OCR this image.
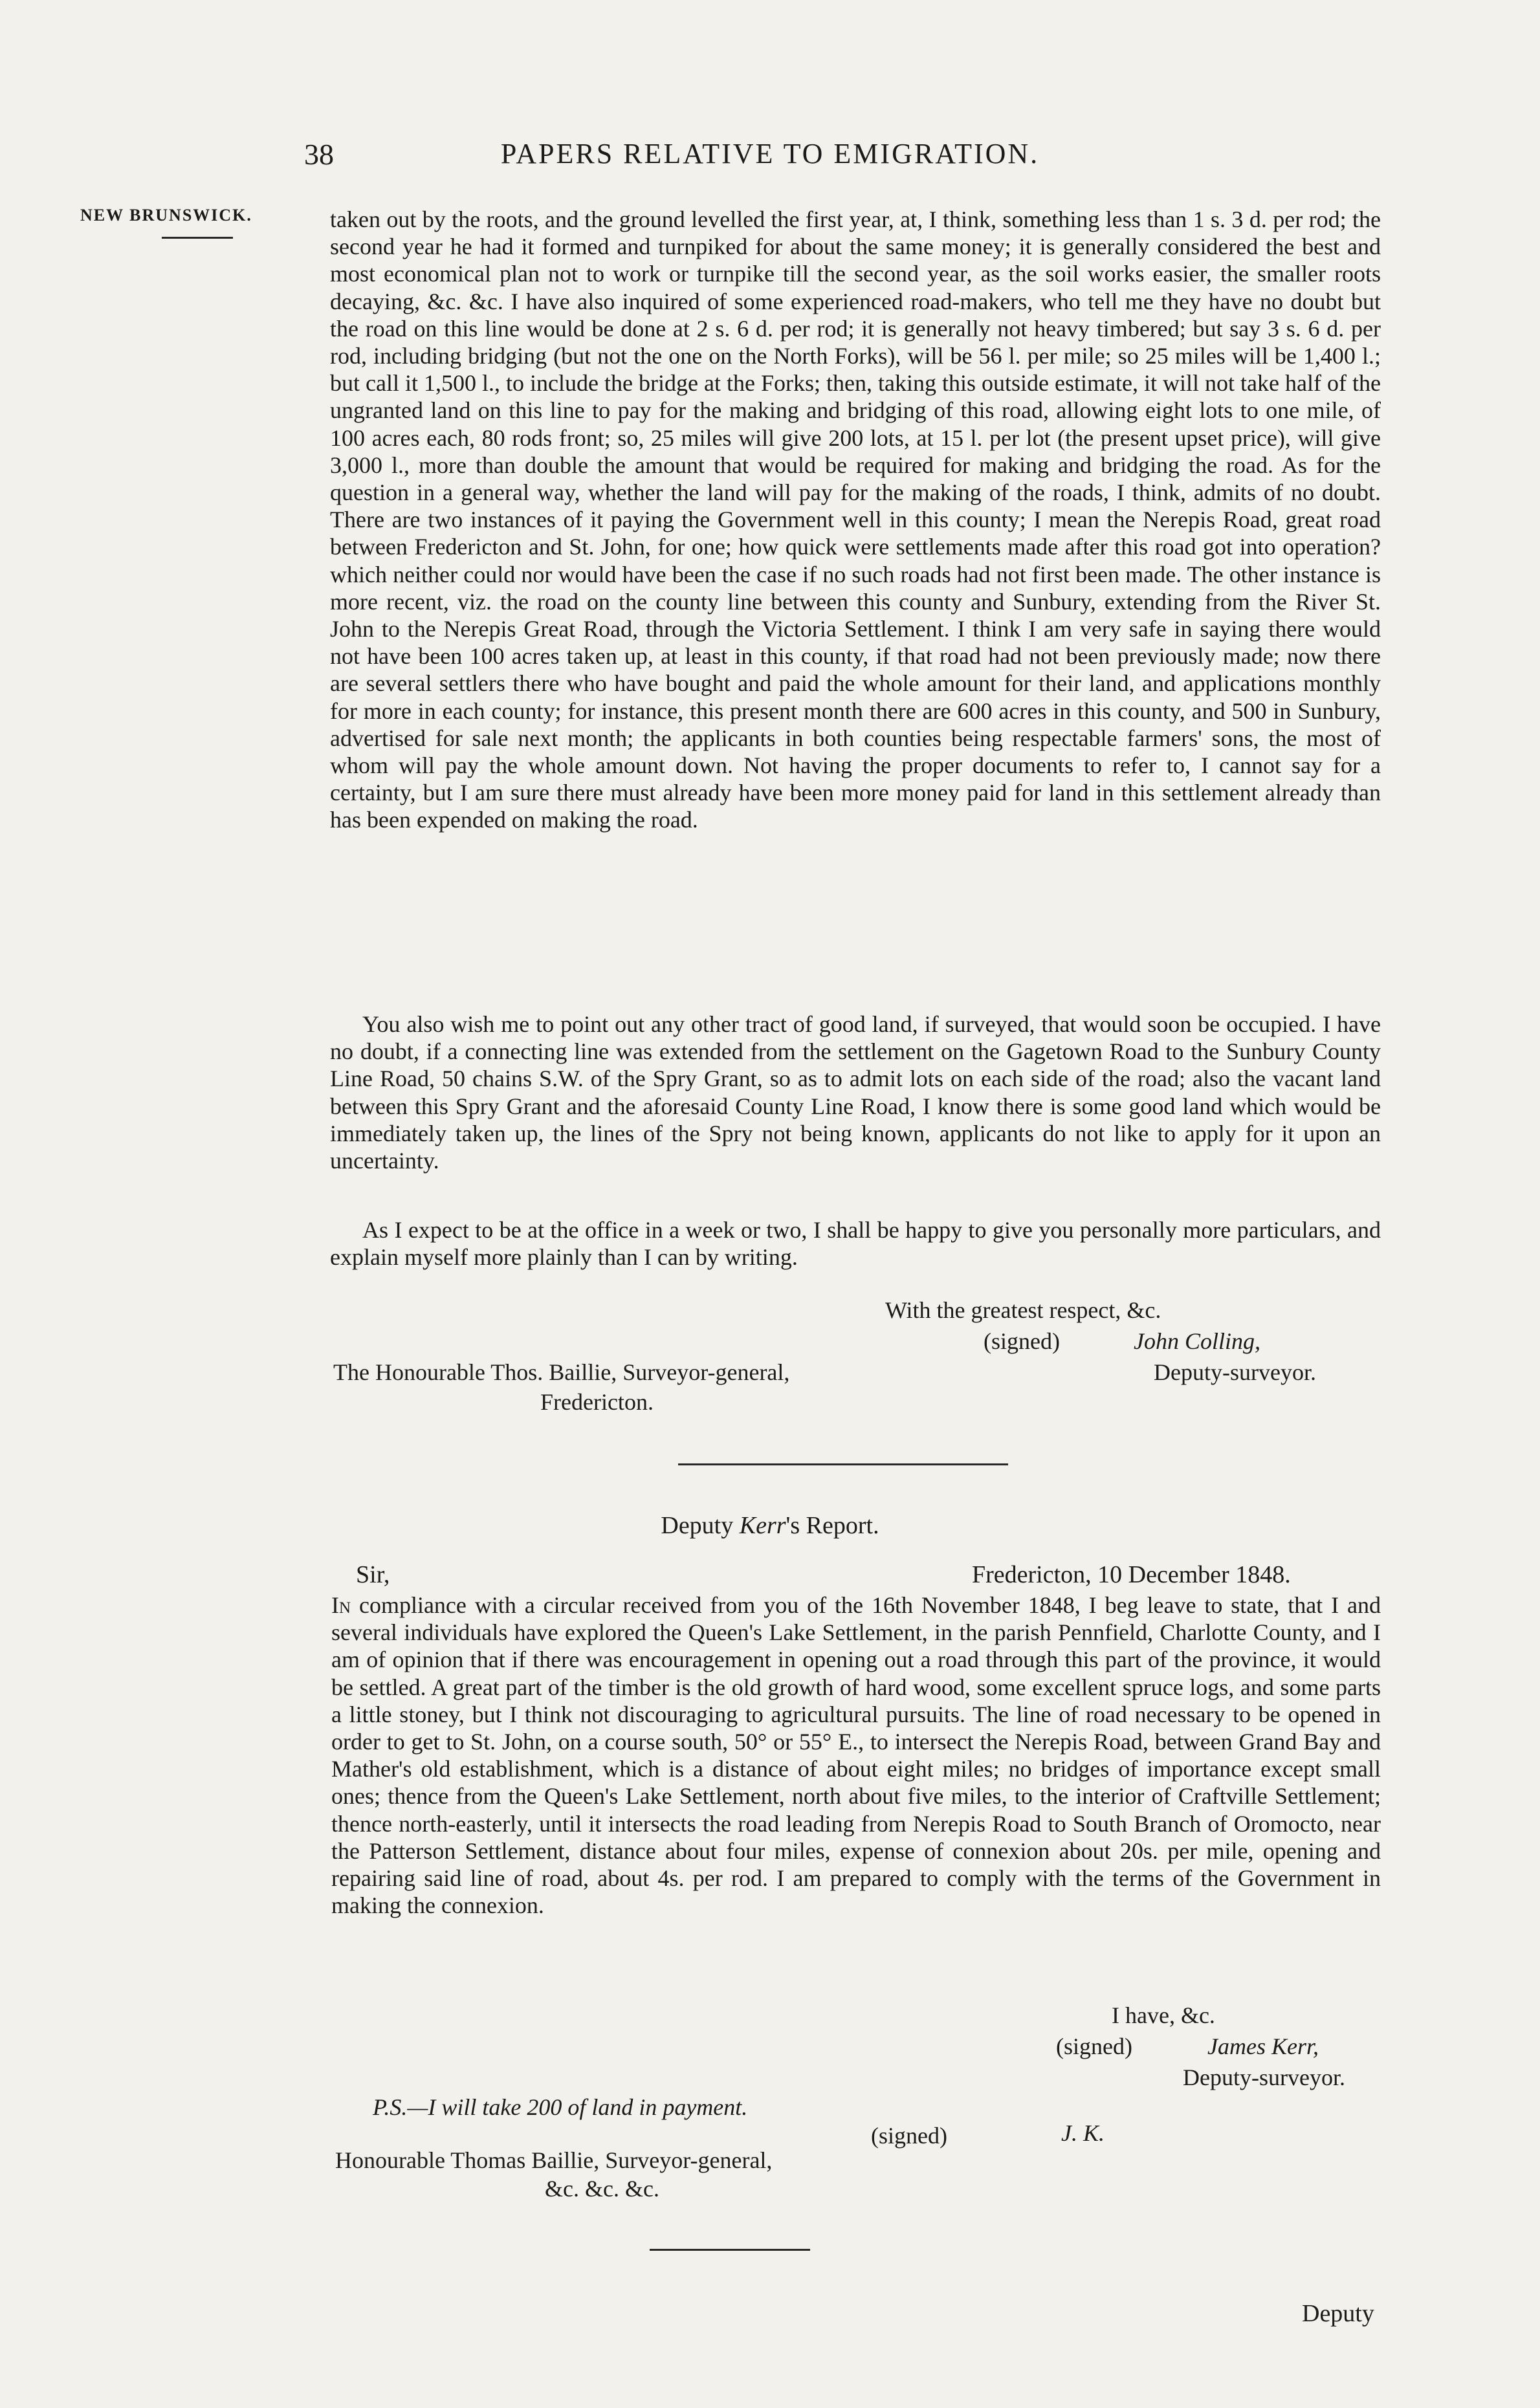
38	PAPERS RELATIVE TO EMIGRATION.
NEW BRUNSWICK.	taken out by the roots, and the ground levelled the first year, at, I think, something less than 1 s. 3 d. per rod; the second year he had it formed and turnpiked for about the same money; it is generally considered the best and most economical plan not to work or turnpike till the second year, as the soil works easier, the smaller roots decaying, &c. &c. I have also inquired of some experienced road-makers, who tell me they have no doubt but the road on this line would be done at 2 s. 6 d. per rod; it is generally not heavy timbered; but say 3 s. 6 d. per rod, including bridging (but not the one on the North Forks), will be 56 l. per mile; so 25 miles will be 1,400 l.; but call it 1,500 l., to include the bridge at the Forks; then, taking this outside estimate, it will not take half of the ungranted land on this line to pay for the making and bridging of this road, allowing eight lots to one mile, of 100 acres each, 80 rods front; so, 25 miles will give 200 lots, at 15 l. per lot (the present upset price), will give 3,000 l., more than double the amount that would be required for making and bridging the road. As for the question in a general way, whether the land will pay for the making of the roads, I think, admits of no doubt. There are two instances of it paying the Government well in this county; I mean the Nerepis Road, great road between Fredericton and St. John, for one; how quick were settlements made after this road got into operation? which neither could nor would have been the case if no such roads had not first been made. The other instance is more recent, viz. the road on the county line between this county and Sunbury, extending from the River St. John to the Nerepis Great Road, through the Victoria Settlement. I think I am very safe in saying there would not have been 100 acres taken up, at least in this county, if that road had not been previously made; now there are several settlers there who have bought and paid the whole amount for their land, and applications monthly for more in each county; for instance, this present month there are 600 acres in this county, and 500 in Sunbury, advertised for sale next month; the applicants in both counties being respectable farmers' sons, the most of whom will pay the whole amount down. Not having the proper documents to refer to, I cannot say for a certainty, but I am sure there must already have been more money paid for land in this settlement already than has been expended on making the road.

You also wish me to point out any other tract of good land, if surveyed, that would soon be occupied. I have no doubt, if a connecting line was extended from the settlement on the Gagetown Road to the Sunbury County Line Road, 50 chains S.W. of the Spry Grant, so as to admit lots on each side of the road; also the vacant land between this Spry Grant and the aforesaid County Line Road, I know there is some good land which would be immediately taken up, the lines of the Spry not being known, applicants do not like to apply for it upon an uncertainty.

As I expect to be at the office in a week or two, I shall be happy to give you personally more particulars, and explain myself more plainly than I can by writing.

With the greatest respect, &c.
(signed)	John Colling,
The Honourable Thos. Baillie, Surveyor-general,	Deputy-surveyor.
Fredericton.
Deputy Kerr's Report.
Sir,	Fredericton, 10 December 1848.

In compliance with a circular received from you of the 16th November 1848, I beg leave to state, that I and several individuals have explored the Queen's Lake Settlement, in the parish Pennfield, Charlotte County, and I am of opinion that if there was encouragement in opening out a road through this part of the province, it would be settled. A great part of the timber is the old growth of hard wood, some excellent spruce logs, and some parts a little stoney, but I think not discouraging to agricultural pursuits. The line of road necessary to be opened in order to get to St. John, on a course south, 50° or 55° E., to intersect the Nerepis Road, between Grand Bay and Mather's old establishment, which is a distance of about eight miles; no bridges of importance except small ones; thence from the Queen's Lake Settlement, north about five miles, to the interior of Craftville Settlement; thence north-easterly, until it intersects the road leading from Nerepis Road to South Branch of Oromocto, near the Patterson Settlement, distance about four miles, expense of connexion about 20s. per mile, opening and repairing said line of road, about 4s. per rod. I am prepared to comply with the terms of the Government in making the connexion.

I have, &c.
(signed)	James Kerr,
Deputy-surveyor.
P.S.—I will take 200 of land in payment.
(signed)	J. K.
Honourable Thomas Baillie, Surveyor-general,
&c. &c. &c.
Deputy
